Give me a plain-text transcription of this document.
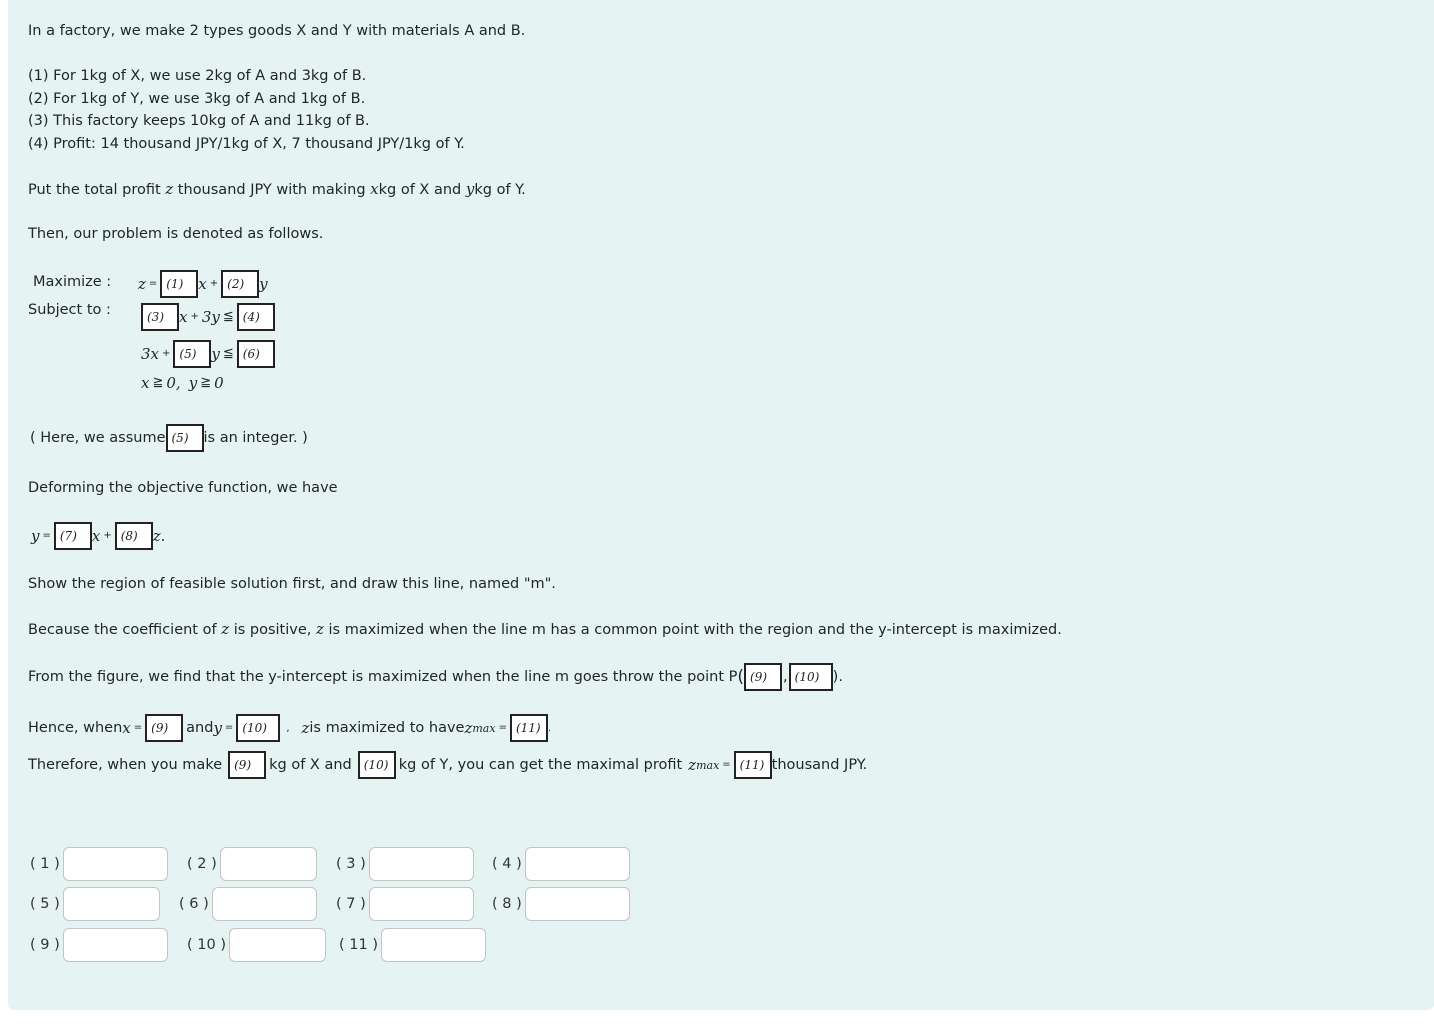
In a factory, we make 2 types goods X and Y with materials A and B.
(1) For 1kg of X, we use 2kg of A and 3kg of B.
(2) For 1kg of Y, we use 3kg of A and 1kg of B.
(3) This factory keeps 10kg of A and 11kg of B.
(4) Profit: 14 thousand JPY/1kg of X, 7 thousand JPY/1kg of Y.
Put the total profit z thousand JPY with making xkg of X and ykg of Y.
Then, our problem is denoted as follows.
Maximize : z = (1)	x + (2)	y
Subject to :	(3)	x + 3y ≦ (4)
3x + (5)	y ≦ (6)
x ≧ 0 , y ≧ 0
( Here, we assume (5)	is an integer. )
Deforming the objective function, we have
y = (7)	x + (8)	z.
Show the region of feasible solution first, and draw this line, named "m".
Because the coefficient of z is positive, z is maximized when the line m has a common point with the region and the y-intercept is maximized.
From the figure, we find that the y-intercept is maximized when the line m goes throw the point P ( (9)	, (10) ).
Hence, when x = (9)	and y = (10)	, z is maximized to have z max = (11) .
Therefore, when you make	(9)	kg of X and	(10) kg of Y, you can get the maximal profit z max = (11) thousand JPY.
( 1 )	( 2 )	( 3 )	( 4 )
( 5 )	( 6 )	( 7 )	( 8 )
( 9 )	( 10 )	( 11 )
